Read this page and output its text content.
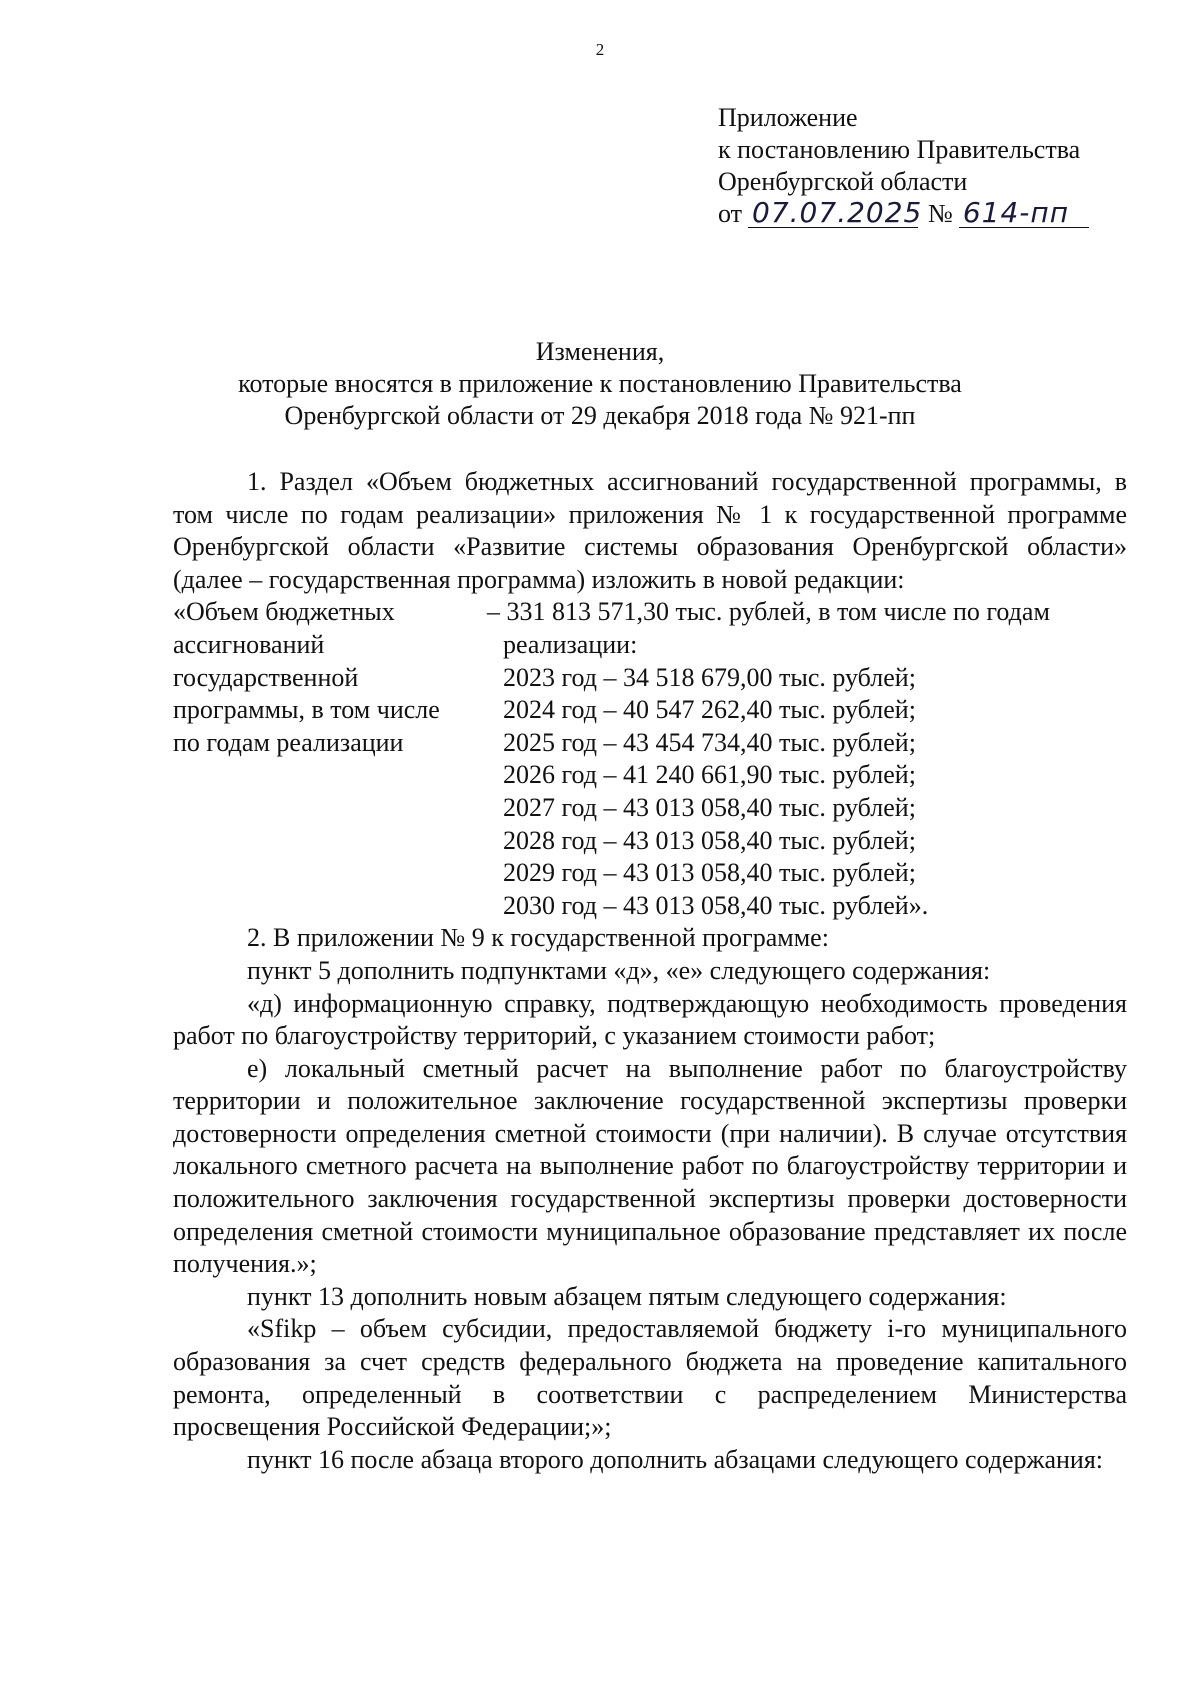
2
Приложение
к постановлению Правительства
Оренбургской области
от 07.07.2025 № 614-пп
Изменения,
которые вносятся в приложение к постановлению Правительства
Оренбургской области от 29 декабря 2018 года № 921-пп

1. Раздел «Объем бюджетных ассигнований государственной программы, в том числе по годам реализации» приложения № 1 к государственной программе Оренбургской области «Развитие системы образования Оренбургской области» (далее – государственная программа) изложить в новой редакции:

«Объем бюджетных
ассигнований
государственной
программы, в том числе
по годам реализации
– 331 813 571,30 тыс. рублей, в том числе по годам
реализации:
2023 год – 34 518 679,00 тыс. рублей;
2024 год – 40 547 262,40 тыс. рублей;
2025 год – 43 454 734,40 тыс. рублей;
2026 год – 41 240 661,90 тыс. рублей;
2027 год – 43 013 058,40 тыс. рублей;
2028 год – 43 013 058,40 тыс. рублей;
2029 год – 43 013 058,40 тыс. рублей;
2030 год – 43 013 058,40 тыс. рублей».

2. В приложении № 9 к государственной программе:

пункт 5 дополнить подпунктами «д», «е» следующего содержания:

«д) информационную справку, подтверждающую необходимость проведения работ по благоустройству территорий, с указанием стоимости работ;

е) локальный сметный расчет на выполнение работ по благоустройству территории и положительное заключение государственной экспертизы проверки достоверности определения сметной стоимости (при наличии). В случае отсутствия локального сметного расчета на выполнение работ по благоустройству территории и положительного заключения государственной экспертизы проверки достоверности определения сметной стоимости муниципальное образование представляет их после получения.»;

пункт 13 дополнить новым абзацем пятым следующего содержания:

«Sfikp – объем субсидии, предоставляемой бюджету i-го муниципального образования за счет средств федерального бюджета на проведение капитального ремонта, определенный в соответствии с распределением Министерства просвещения Российской Федерации;»;

пункт 16 после абзаца второго дополнить абзацами следующего содержания:
